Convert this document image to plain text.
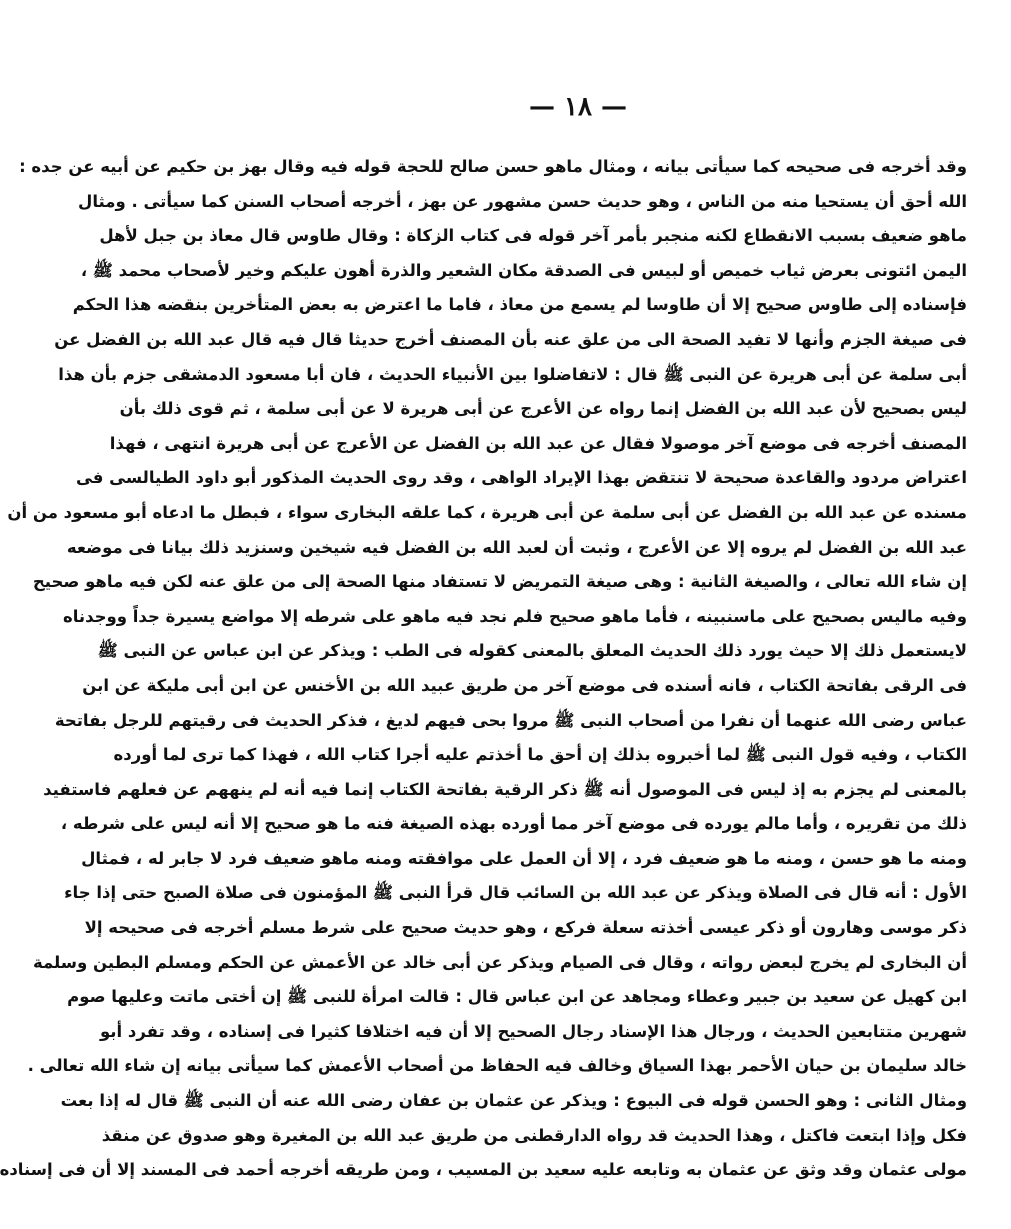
— ١٨ —
وقد أخرجه فى صحيحه كما سيأتى بيانه ، ومثال ماهو حسن صالح للحجة قوله فيه وقال بهز بن حكيم عن أبيه عن جده :
الله أحق أن يستحيا منه من الناس ، وهو حديث حسن مشهور عن بهز ، أخرجه أصحاب السنن كما سيأتى . ومثال
ماهو ضعيف بسبب الانقطاع لكنه منجبر بأمر آخر قوله فى كتاب الزكاة : وقال طاوس قال معاذ بن جبل لأهل
اليمن ائتونى بعرض ثياب خميص أو لبيس فى الصدقة مكان الشعير والذرة أهون عليكم وخير لأصحاب محمد ﷺ ،
فإسناده إلى طاوس صحيح إلا أن طاوسا لم يسمع من معاذ ، فاما ما اعترض به بعض المتأخرين بنقضه هذا الحكم
فى صيغة الجزم وأنها لا تفيد الصحة الى من علق عنه بأن المصنف أخرج حديثا قال فيه قال عبد الله بن الفضل عن
أبى سلمة عن أبى هريرة عن النبى ﷺ قال : لاتفاضلوا بين الأنبياء الحديث ، فان أبا مسعود الدمشقى جزم بأن هذا
ليس بصحيح لأن عبد الله بن الفضل إنما رواه عن الأعرج عن أبى هريرة لا عن أبى سلمة ، ثم قوى ذلك بأن
المصنف أخرجه فى موضع آخر موصولا فقال عن عبد الله بن الفضل عن الأعرج عن أبى هريرة انتهى ، فهذا
اعتراض مردود والقاعدة صحيحة لا تنتقض بهذا الإيراد الواهى ، وقد روى الحديث المذكور أبو داود الطيالسى فى
مسنده عن عبد الله بن الفضل عن أبى سلمة عن أبى هريرة ، كما علقه البخارى سواء ، فبطل ما ادعاه أبو مسعود من أن
عبد الله بن الفضل لم يروه إلا عن الأعرج ، وثبت أن لعبد الله بن الفضل فيه شيخين وسنزيد ذلك بيانا فى موضعه
إن شاء الله تعالى ، والصيغة الثانية : وهى صيغة التمريض لا تستفاد منها الصحة إلى من علق عنه لكن فيه ماهو صحيح
وفيه ماليس بصحيح على ماسنبينه ، فأما ماهو صحيح فلم نجد فيه ماهو على شرطه إلا مواضع يسيرة جداً ووجدناه
لايستعمل ذلك إلا حيث يورد ذلك الحديث المعلق بالمعنى كقوله فى الطب : ويذكر عن ابن عباس عن النبى ﷺ
فى الرقى بفاتحة الكتاب ، فانه أسنده فى موضع آخر من طريق عبيد الله بن الأخنس عن ابن أبى مليكة عن ابن
عباس رضى الله عنهما أن نفرا من أصحاب النبى ﷺ مروا بحى فيهم لديغ ، فذكر الحديث فى رقيتهم للرجل بفاتحة
الكتاب ، وفيه قول النبى ﷺ لما أخبروه بذلك إن أحق ما أخذتم عليه أجرا كتاب الله ، فهذا كما ترى لما أورده
بالمعنى لم يجزم به إذ ليس فى الموصول أنه ﷺ ذكر الرقية بفاتحة الكتاب إنما فيه أنه لم ينههم عن فعلهم فاستفيد
ذلك من تقريره ، وأما مالم يورده فى موضع آخر مما أورده بهذه الصيغة فنه ما هو صحيح إلا أنه ليس على شرطه ،
ومنه ما هو حسن ، ومنه ما هو ضعيف فرد ، إلا أن العمل على موافقته ومنه ماهو ضعيف فرد لا جابر له ، فمثال
الأول : أنه قال فى الصلاة ويذكر عن عبد الله بن السائب قال قرأ النبى ﷺ المؤمنون فى صلاة الصبح حتى إذا جاء
ذكر موسى وهارون أو ذكر عيسى أخذته سعلة فركع ، وهو حديث صحيح على شرط مسلم أخرجه فى صحيحه إلا
أن البخارى لم يخرج لبعض رواته ، وقال فى الصيام ويذكر عن أبى خالد عن الأعمش عن الحكم ومسلم البطين وسلمة
ابن كهيل عن سعيد بن جبير وعطاء ومجاهد عن ابن عباس قال : قالت امرأة للنبى ﷺ إن أختى ماتت وعليها صوم
شهرين متتابعين الحديث ، ورجال هذا الإسناد رجال الصحيح إلا أن فيه اختلافا كثيرا فى إسناده ، وقد تفرد أبو
خالد سليمان بن حيان الأحمر بهذا السياق وخالف فيه الحفاظ من أصحاب الأعمش كما سيأتى بيانه إن شاء الله تعالى .
ومثال الثانى : وهو الحسن قوله فى البيوع : ويذكر عن عثمان بن عفان رضى الله عنه أن النبى ﷺ قال له إذا بعت
فكل وإذا ابتعت فاكتل ، وهذا الحديث قد رواه الدارقطنى من طريق عبد الله بن المغيرة وهو صدوق عن منقذ
مولى عثمان وقد وثق عن عثمان به وتابعه عليه سعيد بن المسيب ، ومن طريقه أخرجه أحمد فى المسند إلا أن فى إسناده
